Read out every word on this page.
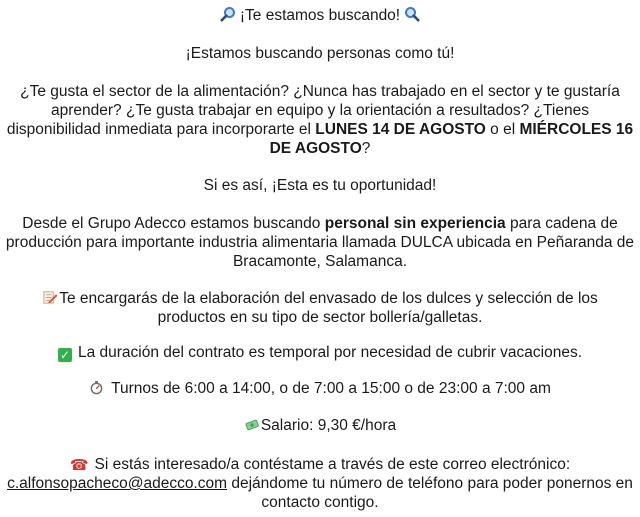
¡Te estamos buscando!
¡Estamos buscando personas como tú!
¿Te gusta el sector de la alimentación? ¿Nunca has trabajado en el sector y te gustaría
aprender? ¿Te gusta trabajar en equipo y la orientación a resultados? ¿Tienes
disponibilidad inmediata para incorporarte el LUNES 14 DE AGOSTO o el MIÉRCOLES 16
DE AGOSTO?
Si es así, ¡Esta es tu oportunidad!
Desde el Grupo Adecco estamos buscando personal sin experiencia para cadena de
producción para importante industria alimentaria llamada DULCA ubicada en Peñaranda de
Bracamonte, Salamanca.
Te encargarás de la elaboración del envasado de los dulces y selección de los
productos en su tipo de sector bollería/galletas.
✓ La duración del contrato es temporal por necesidad de cubrir vacaciones.
Turnos de 6:00 a 14:00, o de 7:00 a 15:00 o de 23:00 a 7:00 am
Salario: 9,30 €/hora
☎ Si estás interesado/a contéstame a través de este correo electrónico:
c.alfonsopacheco@adecco.com dejándome tu número de teléfono para poder ponernos en
contacto contigo.
